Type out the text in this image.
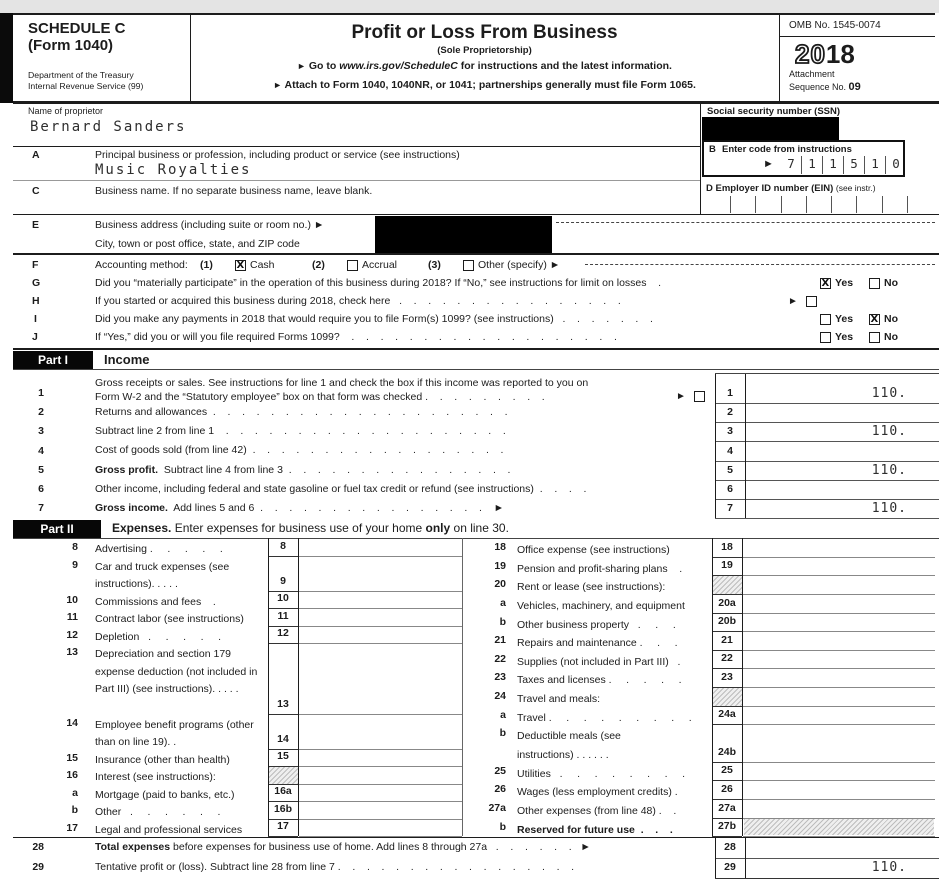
SCHEDULE C
(Form 1040)
Department of the Treasury
Internal Revenue Service (99)
Profit or Loss From Business
(Sole Proprietorship)
► Go to www.irs.gov/ScheduleC for instructions and the latest information.
► Attach to Form 1040, 1040NR, or 1041; partnerships generally must file Form 1065.
OMB No. 1545-0074
2018
Attachment
Sequence No. 09
Name of proprietor
Bernard Sanders
Social security number (SSN)
A	Principal business or profession, including product or service (see instructions)
Music Royalties
B Enter code from instructions
►	7	1	1	5	1	0
C	Business name. If no separate business name, leave blank.	D Employer ID number (EIN) (see instr.)
E	Business address (including suite or room no.) ►
City, town or post office, state, and ZIP code
F	Accounting method: (1) X	Cash	(2)	Accrual	(3)	Other (specify) ►
G	Did you “materially participate” in the operation of this business during 2018? If “No,” see instructions for limit on losses    . X	Yes	No
H	If you started or acquired this business during 2018, check here   .    .    .    .    .    .    .    .    .    .    .    .    .    .    .    .	►
I	Did you make any payments in 2018 that would require you to file Form(s) 1099? (see instructions)   .    .    .    .    .    .    .	Yes X	No
J	If “Yes,” did you or will you file required Forms 1099?    .    .    .    .    .    .    .    .    .    .    .    .    .    .    .    .    .    .    .	Yes	No
Part I	Income
1
Gross receipts or sales. See instructions for line 1 and check the box if this income was reported to you on
Form W-2 and the “Statutory employee” box on that form was checked .    .    .    .    .    .    .    .    .	►	1	110.
2	Returns and allowances  .    .    .    .    .    .    .    .    .    .    .    .    .    .    .    .    .    .    .    .    .	2
3	Subtract line 2 from line 1    .    .    .    .    .    .    .    .    .    .    .    .    .    .    .    .    .    .    .    .	3	110.
4	Cost of goods sold (from line 42)  .    .    .    .    .    .    .    .    .    .    .    .    .    .    .    .    .    .	4
5	Gross profit.  Subtract line 4 from line 3  .    .    .    .    .    .    .    .    .    .    .    .    .    .    .    .	5	110.
6	Other income, including federal and state gasoline or fuel tax credit or refund (see instructions)  .    .    .    .	6
7	Gross income.  Add lines 5 and 6  .    .    .    .    .    .    .    .    .    .    .    .    .    .    .    .    ►	7	110.
Part II	Expenses. Enter expenses for business use of your home only on line 30.
8 Advertising .     .     .     .     .	8
9 Car and truck expenses (see instructions). . . . .	9
10 Commissions and fees    .	10
11 Contract labor (see instructions)	11
12 Depletion   .     .     .     .     .	12
13 Depreciation and section 179 expense deduction (not included in Part III) (see instructions). . . . .
13
14 Employee benefit programs (other than on line 19). .	14
15 Insurance (other than health)	15
16 Interest (see instructions):
a Mortgage (paid to banks, etc.)	16a
b Other   .     .     .     .     .     .	16b
17 Legal and professional services	17
18 Office expense (see instructions)	18
19 Pension and profit-sharing plans    .	19
20 Rent or lease (see instructions):
a Vehicles, machinery, and equipment	20a
b Other business property   .     .     .	20b
21 Repairs and maintenance .     .     .	21
22 Supplies (not included in Part III)   .	22
23 Taxes and licenses .     .     .     .     .	23
24 Travel and meals:
a Travel .     .     .     .     .     .     .     .     .	24a
b Deductible meals (see instructions) . . . . . .	24b
25 Utilities   .     .     .     .     .     .     .     .	25
26 Wages (less employment credits) .	26
27a Other expenses (from line 48) .    .	27a
b Reserved for future use  .    .    .	27b
28	Total expenses before expenses for business use of home. Add lines 8 through 27a   .    .    .    .    .    .   ►	28
29	Tentative profit or (loss). Subtract line 28 from line 7 .    .    .    .    .    .    .    .    .    .    .    .    .    .    .    .    .	29	110.
